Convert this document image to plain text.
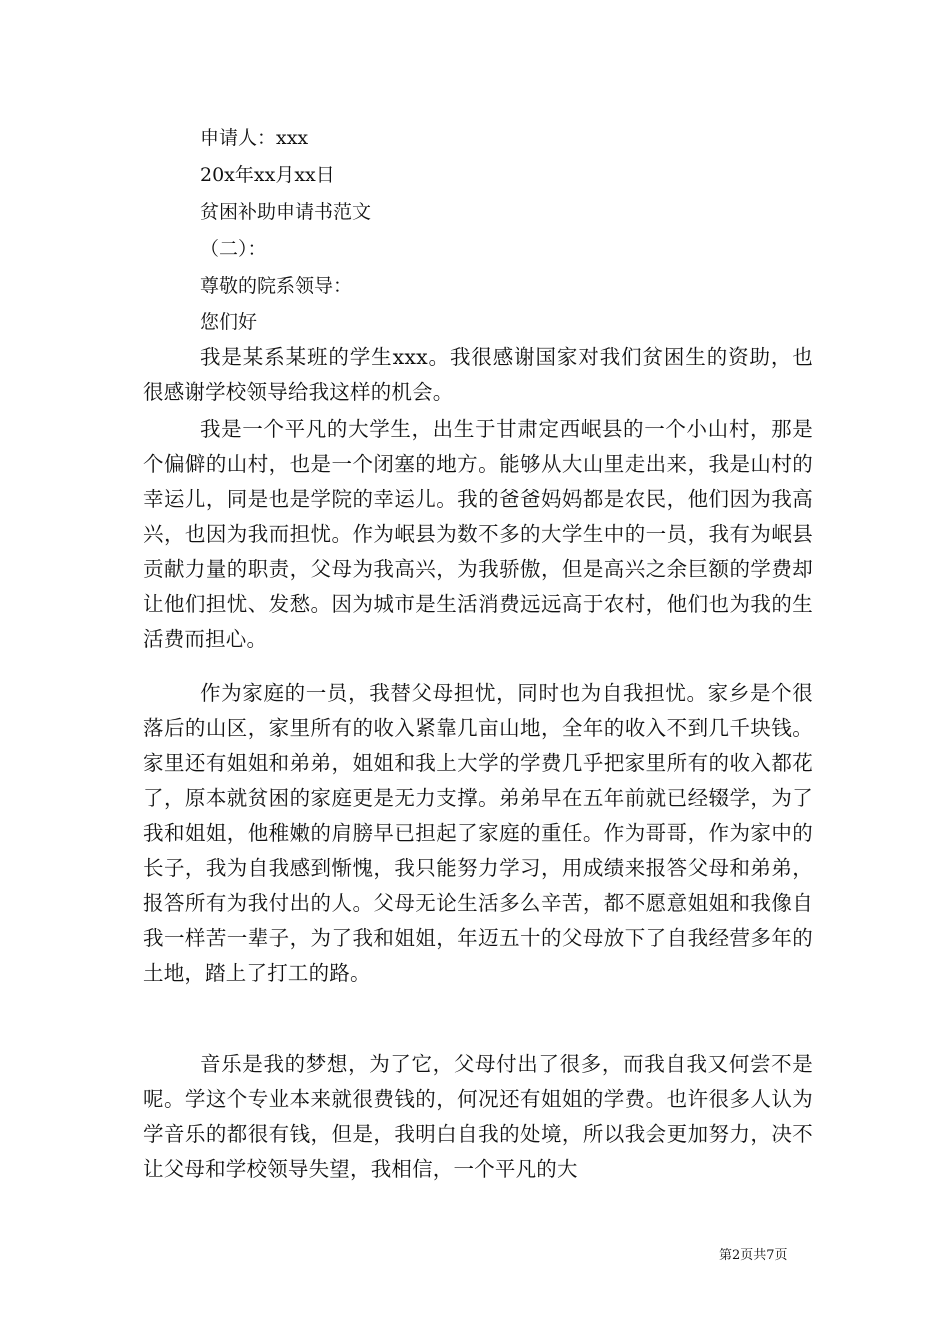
申请人：xxx
20x年xx月xx日
贫困补助申请书范文
（二）：
尊敬的院系领导：
您们好

我是某系某班的学生xxx。我很感谢国家对我们贫困生的资助，也很感谢学校领导给我这样的机会。

我是一个平凡的大学生，出生于甘肃定西岷县的一个小山村，那是个偏僻的山村，也是一个闭塞的地方。能够从大山里走出来，我是山村的幸运儿，同是也是学院的幸运儿。我的爸爸妈妈都是农民，他们因为我高兴，也因为我而担忧。作为岷县为数不多的大学生中的一员，我有为岷县贡献力量的职责，父母为我高兴，为我骄傲，但是高兴之余巨额的学费却让他们担忧、发愁。因为城市是生活消费远远高于农村，他们也为我的生活费而担心。

作为家庭的一员，我替父母担忧，同时也为自我担忧。家乡是个很落后的山区，家里所有的收入紧靠几亩山地，全年的收入不到几千块钱。家里还有姐姐和弟弟，姐姐和我上大学的学费几乎把家里所有的收入都花了，原本就贫困的家庭更是无力支撑。弟弟早在五年前就已经辍学，为了我和姐姐，他稚嫩的肩膀早已担起了家庭的重任。作为哥哥，作为家中的长子，我为自我感到惭愧，我只能努力学习，用成绩来报答父母和弟弟，报答所有为我付出的人。父母无论生活多么辛苦，都不愿意姐姐和我像自我一样苦一辈子，为了我和姐姐，年迈五十的父母放下了自我经营多年的土地，踏上了打工的路。

音乐是我的梦想，为了它，父母付出了很多，而我自我又何尝不是呢。学这个专业本来就很费钱的，何况还有姐姐的学费。也许很多人认为学音乐的都很有钱，但是，我明白自我的处境，所以我会更加努力，决不让父母和学校领导失望，我相信，一个平凡的大

第2页共7页
